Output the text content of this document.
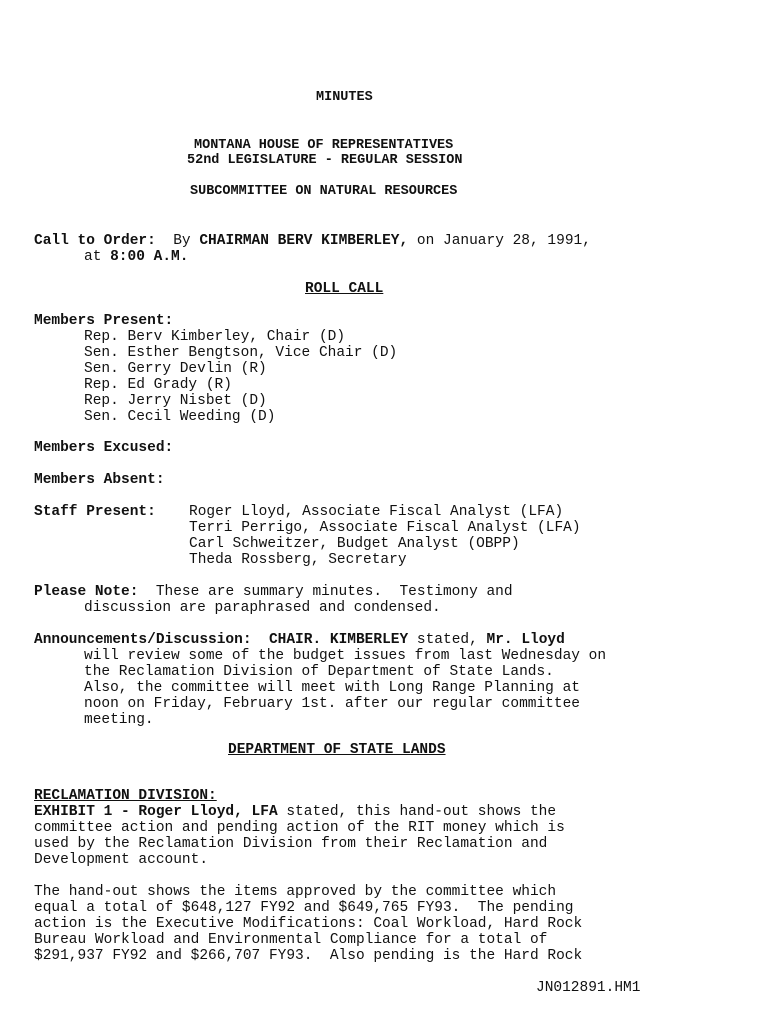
MINUTES
MONTANA HOUSE OF REPRESENTATIVES
52nd LEGISLATURE - REGULAR SESSION
SUBCOMMITTEE ON NATURAL RESOURCES
Call to Order: By CHAIRMAN BERV KIMBERLEY, on January 28, 1991,
at 8:00 A.M.
ROLL CALL
Members Present:
Rep. Berv Kimberley, Chair (D)
Sen. Esther Bengtson, Vice Chair (D)
Sen. Gerry Devlin (R)
Rep. Ed Grady (R)
Rep. Jerry Nisbet (D)
Sen. Cecil Weeding (D)
Members Excused:
Members Absent:
Staff Present: Roger Lloyd, Associate Fiscal Analyst (LFA)
Terri Perrigo, Associate Fiscal Analyst (LFA)
Carl Schweitzer, Budget Analyst (OBPP)
Theda Rossberg, Secretary
Please Note: These are summary minutes.  Testimony and
discussion are paraphrased and condensed.
Announcements/Discussion: CHAIR. KIMBERLEY stated, Mr. Lloyd
will review some of the budget issues from last Wednesday on
the Reclamation Division of Department of State Lands.
Also, the committee will meet with Long Range Planning at
noon on Friday, February 1st. after our regular committee
meeting.
DEPARTMENT OF STATE LANDS
RECLAMATION DIVISION:
EXHIBIT 1 - Roger Lloyd, LFA stated, this hand-out shows the
committee action and pending action of the RIT money which is
used by the Reclamation Division from their Reclamation and
Development account.
The hand-out shows the items approved by the committee which
equal a total of $648,127 FY92 and $649,765 FY93.  The pending
action is the Executive Modifications: Coal Workload, Hard Rock
Bureau Workload and Environmental Compliance for a total of
$291,937 FY92 and $266,707 FY93.  Also pending is the Hard Rock
JN012891.HM1
